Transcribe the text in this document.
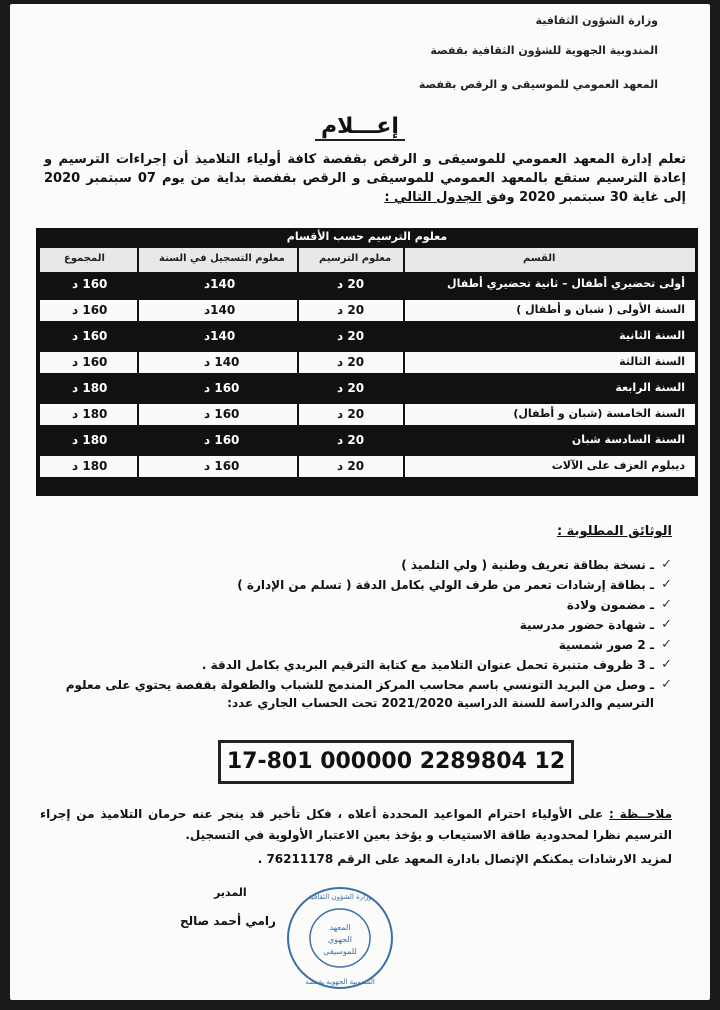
وزارة الشؤون الثقافية
المندوبية الجهوية للشؤون الثقافية بقفصة
المعهد العمومي للموسيقى و الرقص بقفصة
إعـــلام
تعلم إدارة المعهد العمومي للموسيقى و الرقص بقفصة كافة أولياء التلاميذ أن إجراءات الترسيم و إعادة الترسيم ستقع بالمعهد العمومي للموسيقى و الرقص بقفصة بداية من يوم 07 سبتمبر 2020 إلى غاية 30 سبتمبر 2020 وفق الجدول التالي :
معلوم الترسيم حسب الأقسام
القسم
معلوم الترسيم
معلوم التسجيل في السنة
المجموع
أولى تحضيري أطفال – ثانية تحضيري أطفال
20 د
140د
160 د
السنة الأولى ( شبان و أطفال )
20 د
140د
160 د
السنة الثانية
20 د
140د
160 د
السنة الثالثة
20 د
140 د
160 د
السنة الرابعة
20 د
160 د
180 د
السنة الخامسة (شبان و أطفال)
20 د
160 د
180 د
السنة السادسة شبان
20 د
160 د
180 د
ديبلوم العزف على الآلات
20 د
160 د
180 د
الوثائق المطلوبة :
✓
ـ نسخة بطاقة تعريف وطنية ( ولي التلميذ )
✓
ـ بطاقة إرشادات تعمر من طرف الولي بكامل الدقة ( تسلم من الإدارة )
✓
ـ مضمون ولادة
✓
ـ شهادة حضور مدرسية
✓
ـ 2 صور شمسية
✓
ـ 3 ظروف متنبرة تحمل عنوان التلاميذ مع كتابة الترقيم البريدي بكامل الدقة .
✓
ـ وصل من البريد التونسي باسم محاسب المركز المندمج للشباب والطفولة بقفصة يحتوي على معلوم الترسيم والدراسة للسنة الدراسية 2021/2020 تحت الحساب الجاري عدد:
17-801 000000 2289804 12
ملاحــظة : على الأولياء احترام المواعيد المحددة أعلاه ، فكل تأخير قد ينجر عنه حرمان التلاميذ من إجراء الترسيم نظرا لمحدودية طاقة الاستيعاب و يؤخذ بعين الاعتبار الأولوية في التسجيل.
لمزيد الارشادات يمكنكم الإتصال بادارة المعهد على الرقم 76211178 .
المدير
رامي أحمد صالح
وزارة الشؤون الثقافية
المندوبية الجهوية بقفصة
المعهد
الجهوي
للموسيقى
